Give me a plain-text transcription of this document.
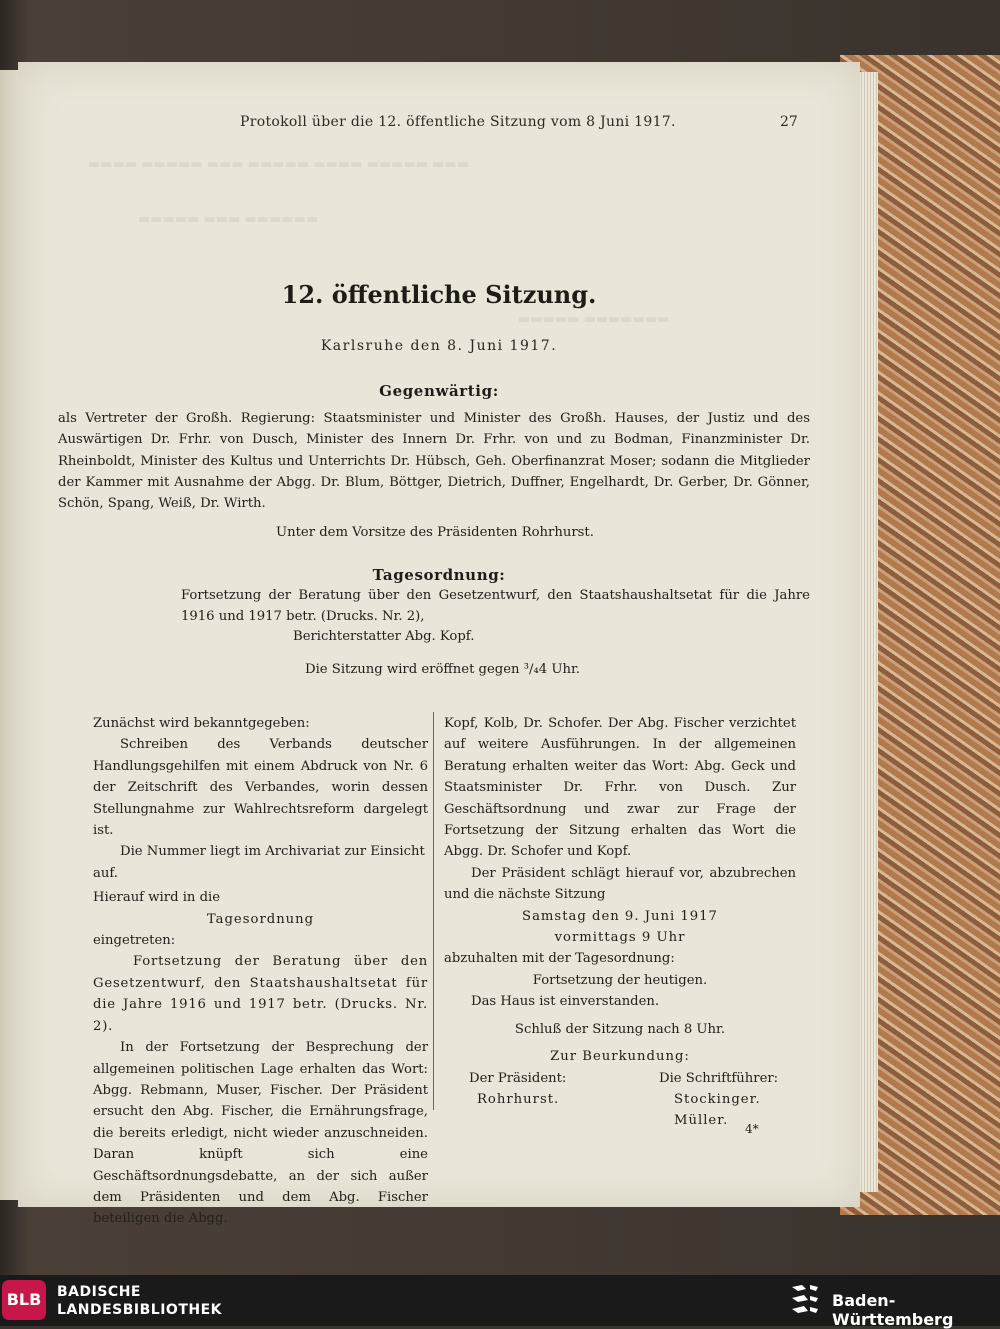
▬▬▬▬ ▬▬▬▬▬ ▬▬▬ ▬▬▬▬▬ ▬▬▬▬ ▬▬▬▬▬ ▬▬▬
▬▬▬▬▬ ▬▬▬ ▬▬▬▬▬▬
▬▬▬▬▬ ▬▬▬▬▬▬▬
Protokoll über die 12. öffentliche Sitzung vom 8 Juni 1917.	27
12. öffentliche Sitzung.
Karlsruhe den 8. Juni 1917.
Gegenwärtig:
als Vertreter der Großh. Regierung: Staatsminister und Minister des Großh. Hauses, der Justiz und des Auswärtigen Dr. Frhr. von Dusch, Minister des Innern Dr. Frhr. von und zu Bodman, Finanzminister Dr. Rheinboldt, Minister des Kultus und Unterrichts Dr. Hübsch, Geh. Oberfinanzrat Moser; sodann die Mitglieder der Kammer mit Ausnahme der Abgg. Dr. Blum, Böttger, Dietrich, Duffner, Engelhardt, Dr. Gerber, Dr. Gönner, Schön, Spang, Weiß, Dr. Wirth.
Unter dem Vorsitze des Präsidenten Rohrhurst.
Tagesordnung:
Fortsetzung der Beratung über den Gesetzentwurf, den Staatshaushaltsetat für die Jahre 1916 und 1917 betr. (Drucks. Nr. 2),
Berichterstatter Abg. Kopf.
Die Sitzung wird eröffnet gegen ³/₄4 Uhr.

Zunächst wird bekanntgegeben:

Schreiben des Verbands deutscher Handlungsgehilfen mit einem Abdruck von Nr. 6 der Zeitschrift des Verbandes, worin dessen Stellungnahme zur Wahlrechtsreform dargelegt ist.

Die Nummer liegt im Archivariat zur Einsicht auf.

Hierauf wird in die

Tagesordnung

eingetreten:

Fortsetzung der Beratung über den Gesetzentwurf, den Staatshaushaltsetat für die Jahre 1916 und 1917 betr. (Drucks. Nr. 2).

In der Fortsetzung der Besprechung der allgemeinen politischen Lage erhalten das Wort: Abgg. Rebmann, Muser, Fischer. Der Präsident ersucht den Abg. Fischer, die Ernährungsfrage, die bereits erledigt, nicht wieder anzuschneiden. Daran knüpft sich eine Geschäftsordnungsdebatte, an der sich außer dem Präsidenten und dem Abg. Fischer beteiligen die Abgg.

Kopf, Kolb, Dr. Schofer. Der Abg. Fischer verzichtet auf weitere Ausführungen. In der allgemeinen Beratung erhalten weiter das Wort: Abg. Geck und Staatsminister Dr. Frhr. von Dusch. Zur Geschäftsordnung und zwar zur Frage der Fortsetzung der Sitzung erhalten das Wort die Abgg. Dr. Schofer und Kopf.

Der Präsident schlägt hierauf vor, abzubrechen und die nächste Sitzung

Samstag den 9. Juni 1917

vormittags 9 Uhr

abzuhalten mit der Tagesordnung:

Fortsetzung der heutigen.

Das Haus ist einverstanden.

Schluß der Sitzung nach 8 Uhr.

Zur Beurkundung:

Der Präsident:
Rohrhurst.
Die Schriftführer:
Stockinger.
Müller.
4*
BLB	BADISCHE
LANDESBIBLIOTHEK	Baden-Württemberg
